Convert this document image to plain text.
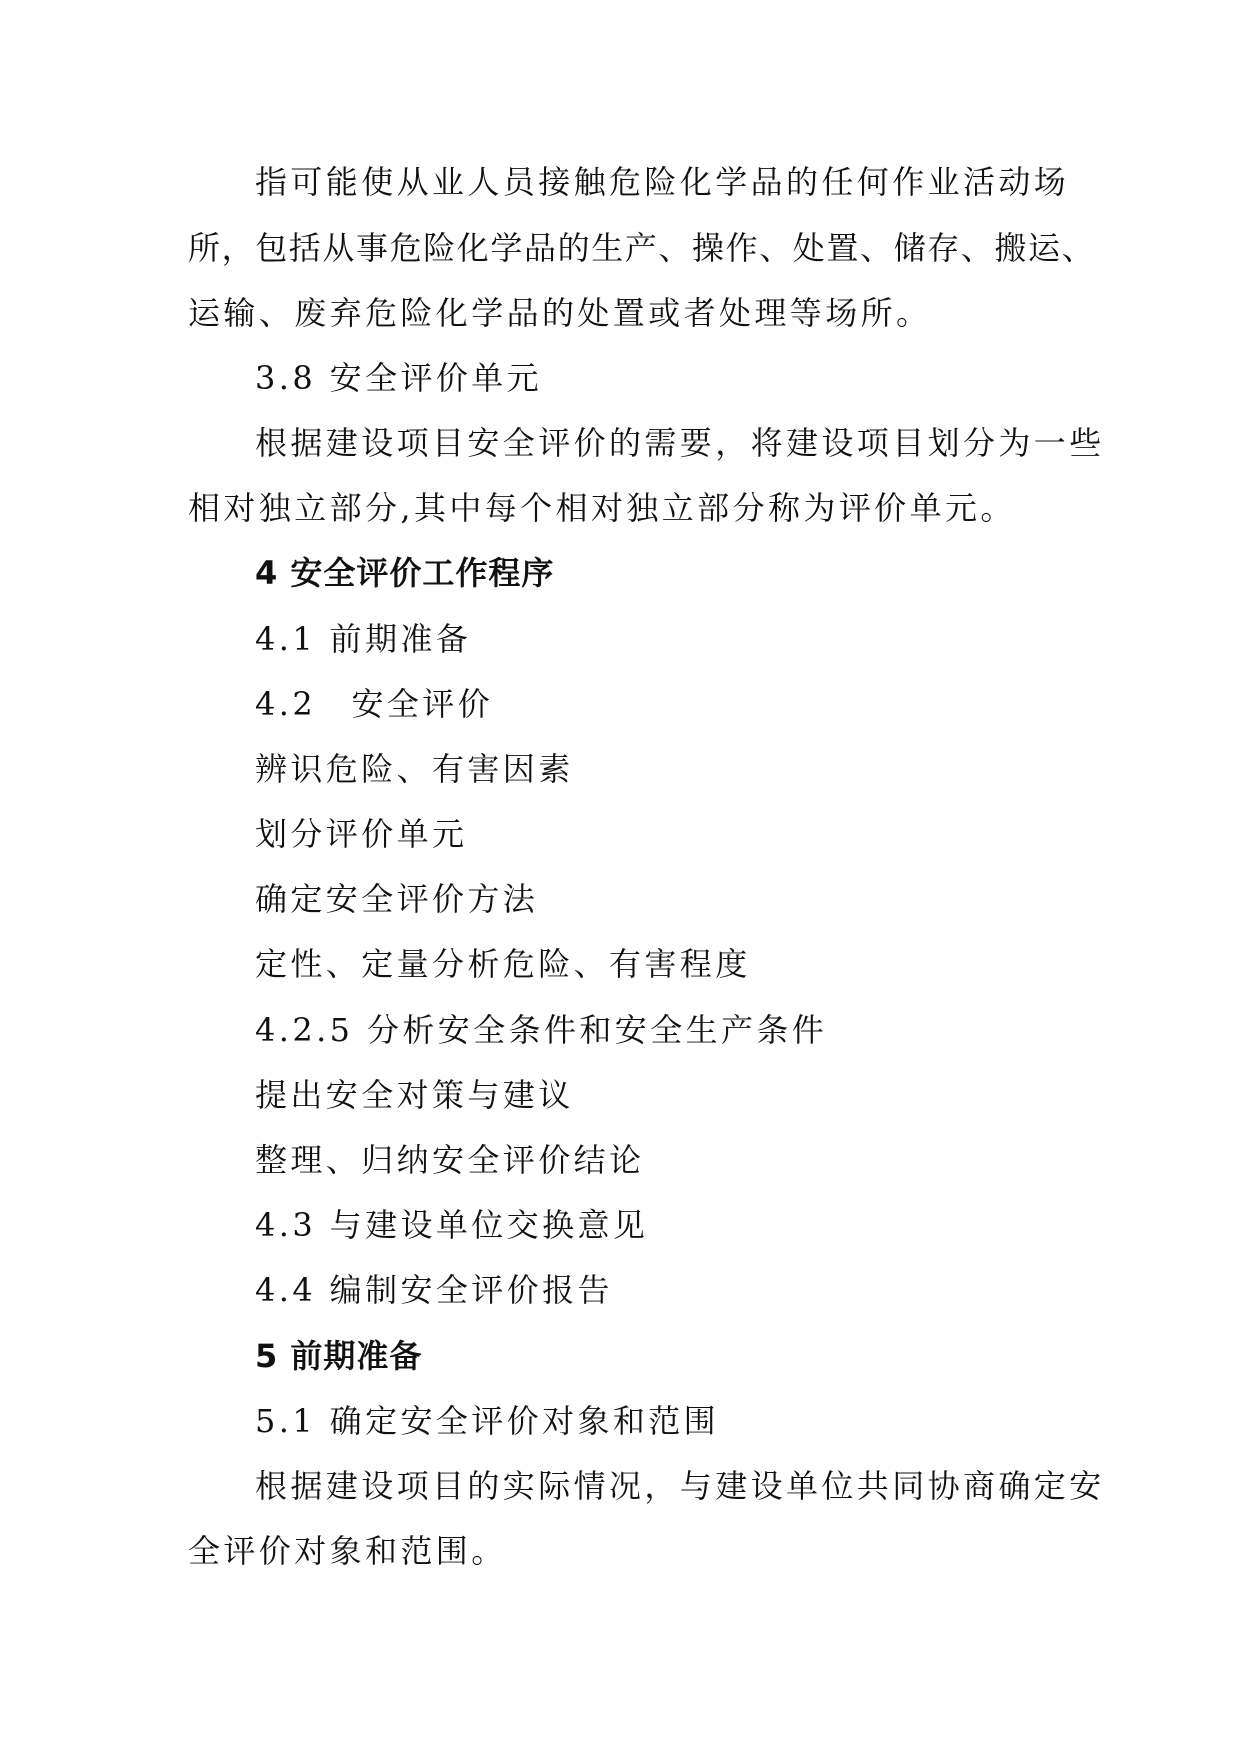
指可能使从业人员接触危险化学品的任何作业活动场
所，包括从事危险化学品的生产、操作、处置、储存、搬运、
运输、废弃危险化学品的处置或者处理等场所。
3.8 安全评价单元
根据建设项目安全评价的需要，将建设项目划分为一些
相对独立部分,其中每个相对独立部分称为评价单元。
4 安全评价工作程序
4.1 前期准备
4.2　安全评价
辨识危险、有害因素
划分评价单元
确定安全评价方法
定性、定量分析危险、有害程度
4.2.5 分析安全条件和安全生产条件
提出安全对策与建议
整理、归纳安全评价结论
4.3 与建设单位交换意见
4.4 编制安全评价报告
5 前期准备
5.1 确定安全评价对象和范围
根据建设项目的实际情况，与建设单位共同协商确定安
全评价对象和范围。
